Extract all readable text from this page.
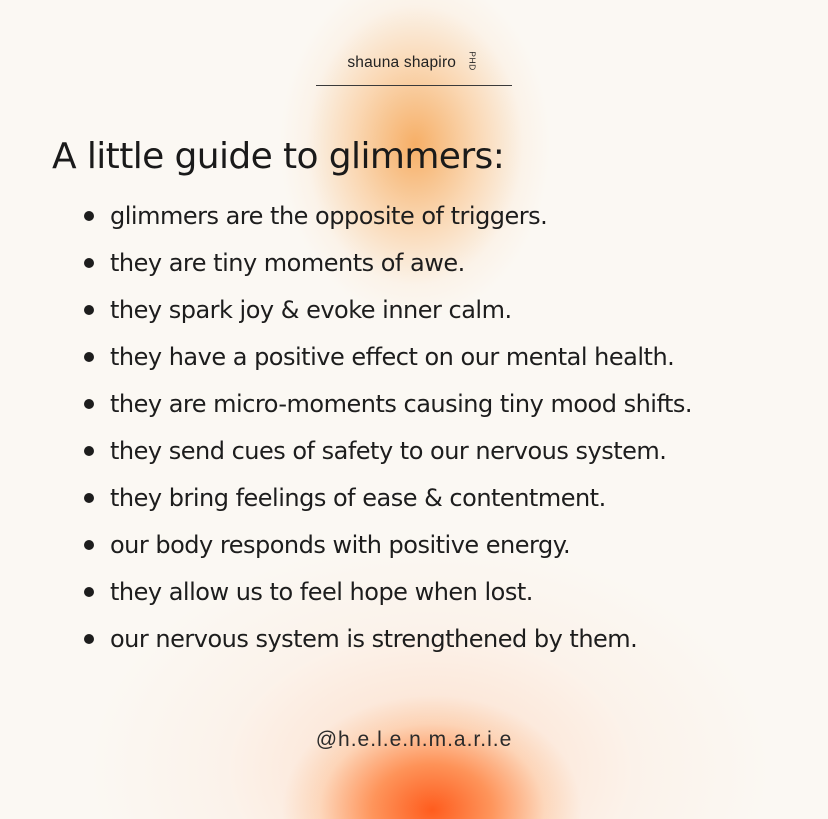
shauna shapiro PHD
A little guide to glimmers:
glimmers are the opposite of triggers.
they are tiny moments of awe.
they spark joy & evoke inner calm.
they have a positive effect on our mental health.
they are micro-moments causing tiny mood shifts.
they send cues of safety to our nervous system.
they bring feelings of ease & contentment.
our body responds with positive energy.
they allow us to feel hope when lost.
our nervous system is strengthened by them.
@h.e.l.e.n.m.a.r.i.e
